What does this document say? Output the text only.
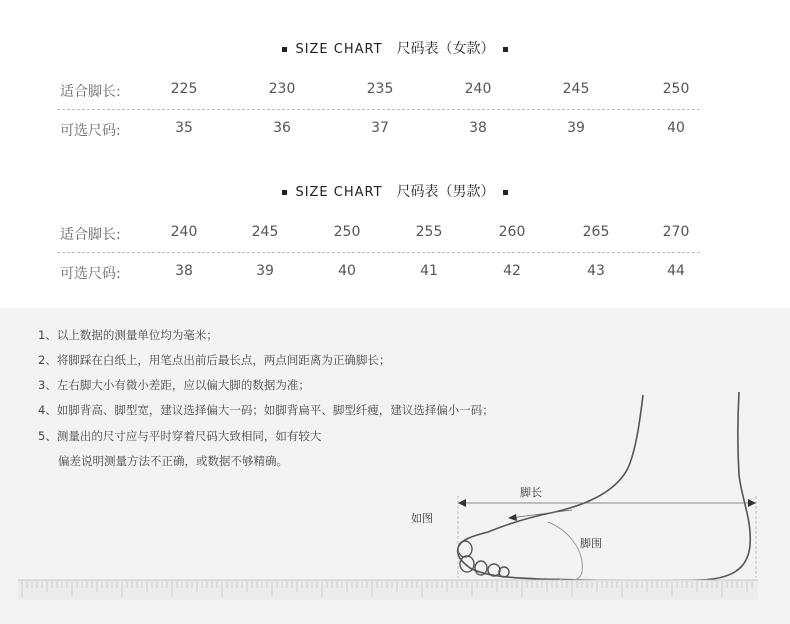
SIZE CHART 尺码表（女款）
适合脚长:	225	230	235	240	245	250
可选尺码:	35	36	37	38	39	40
SIZE CHART 尺码表（男款）
适合脚长:	240	245	250	255	260	265	270
可选尺码:	38	39	40	41	42	43	44
1、以上数据的测量单位均为毫米；
2、将脚踩在白纸上，用笔点出前后最长点，两点间距离为正确脚长；
3、左右脚大小有微小差距，应以偏大脚的数据为准；
4、如脚背高、脚型宽，建议选择偏大一码；如脚背扁平、脚型纤瘦，建议选择偏小一码；
5、测量出的尺寸应与平时穿着尺码大致相同，如有较大
偏差说明测量方法不正确，或数据不够精确。
脚长
如图
脚围
